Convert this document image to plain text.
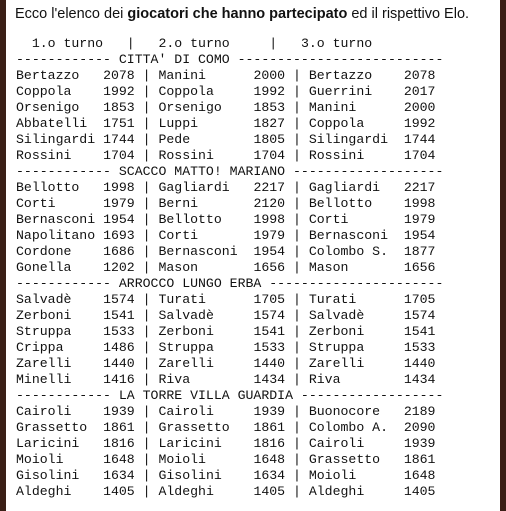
Ecco l'elenco dei giocatori che hanno partecipato ed il rispettivo Elo.
1.o turno   |   2.o turno     |   3.o turno
------------ CITTA' DI COMO --------------------------
Bertazzo   2078 | Manini      2000 | Bertazzo    2078
Coppola    1992 | Coppola     1992 | Guerrini    2017
Orsenigo   1853 | Orsenigo    1853 | Manini      2000
Abbatelli  1751 | Luppi       1827 | Coppola     1992
Silingardi 1744 | Pede        1805 | Silingardi 1744
Rossini    1704 | Rossini     1704 | Rossini     1704
------------ SCACCO MATTO! MARIANO -------------------
Bellotto   1998 | Gagliardi   2217 | Gagliardi   2217
Corti      1979 | Berni       2120 | Bellotto    1998
Bernasconi 1954 | Bellotto    1998 | Corti       1979
Napolitano 1693 | Corti       1979 | Bernasconi 1954
Cordone    1686 | Bernasconi 1954 | Colombo S. 1877
Gonella    1202 | Mason       1656 | Mason       1656
------------ ARROCCO LUNGO ERBA ----------------------
Salvadè    1574 | Turati      1705 | Turati      1705
Zerboni    1541 | Salvadè     1574 | Salvadè     1574
Struppa    1533 | Zerboni     1541 | Zerboni     1541
Crippa     1486 | Struppa     1533 | Struppa     1533
Zarelli    1440 | Zarelli     1440 | Zarelli     1440
Minelli    1416 | Riva        1434 | Riva        1434
------------ LA TORRE VILLA GUARDIA ------------------
Cairoli    1939 | Cairoli     1939 | Buonocore   2189
Grassetto  1861 | Grassetto   1861 | Colombo A. 2090
Laricini   1816 | Laricini    1816 | Cairoli     1939
Moioli     1648 | Moioli      1648 | Grassetto   1861
Gisolini   1634 | Gisolini    1634 | Moioli      1648
Aldeghi    1405 | Aldeghi     1405 | Aldeghi     1405
